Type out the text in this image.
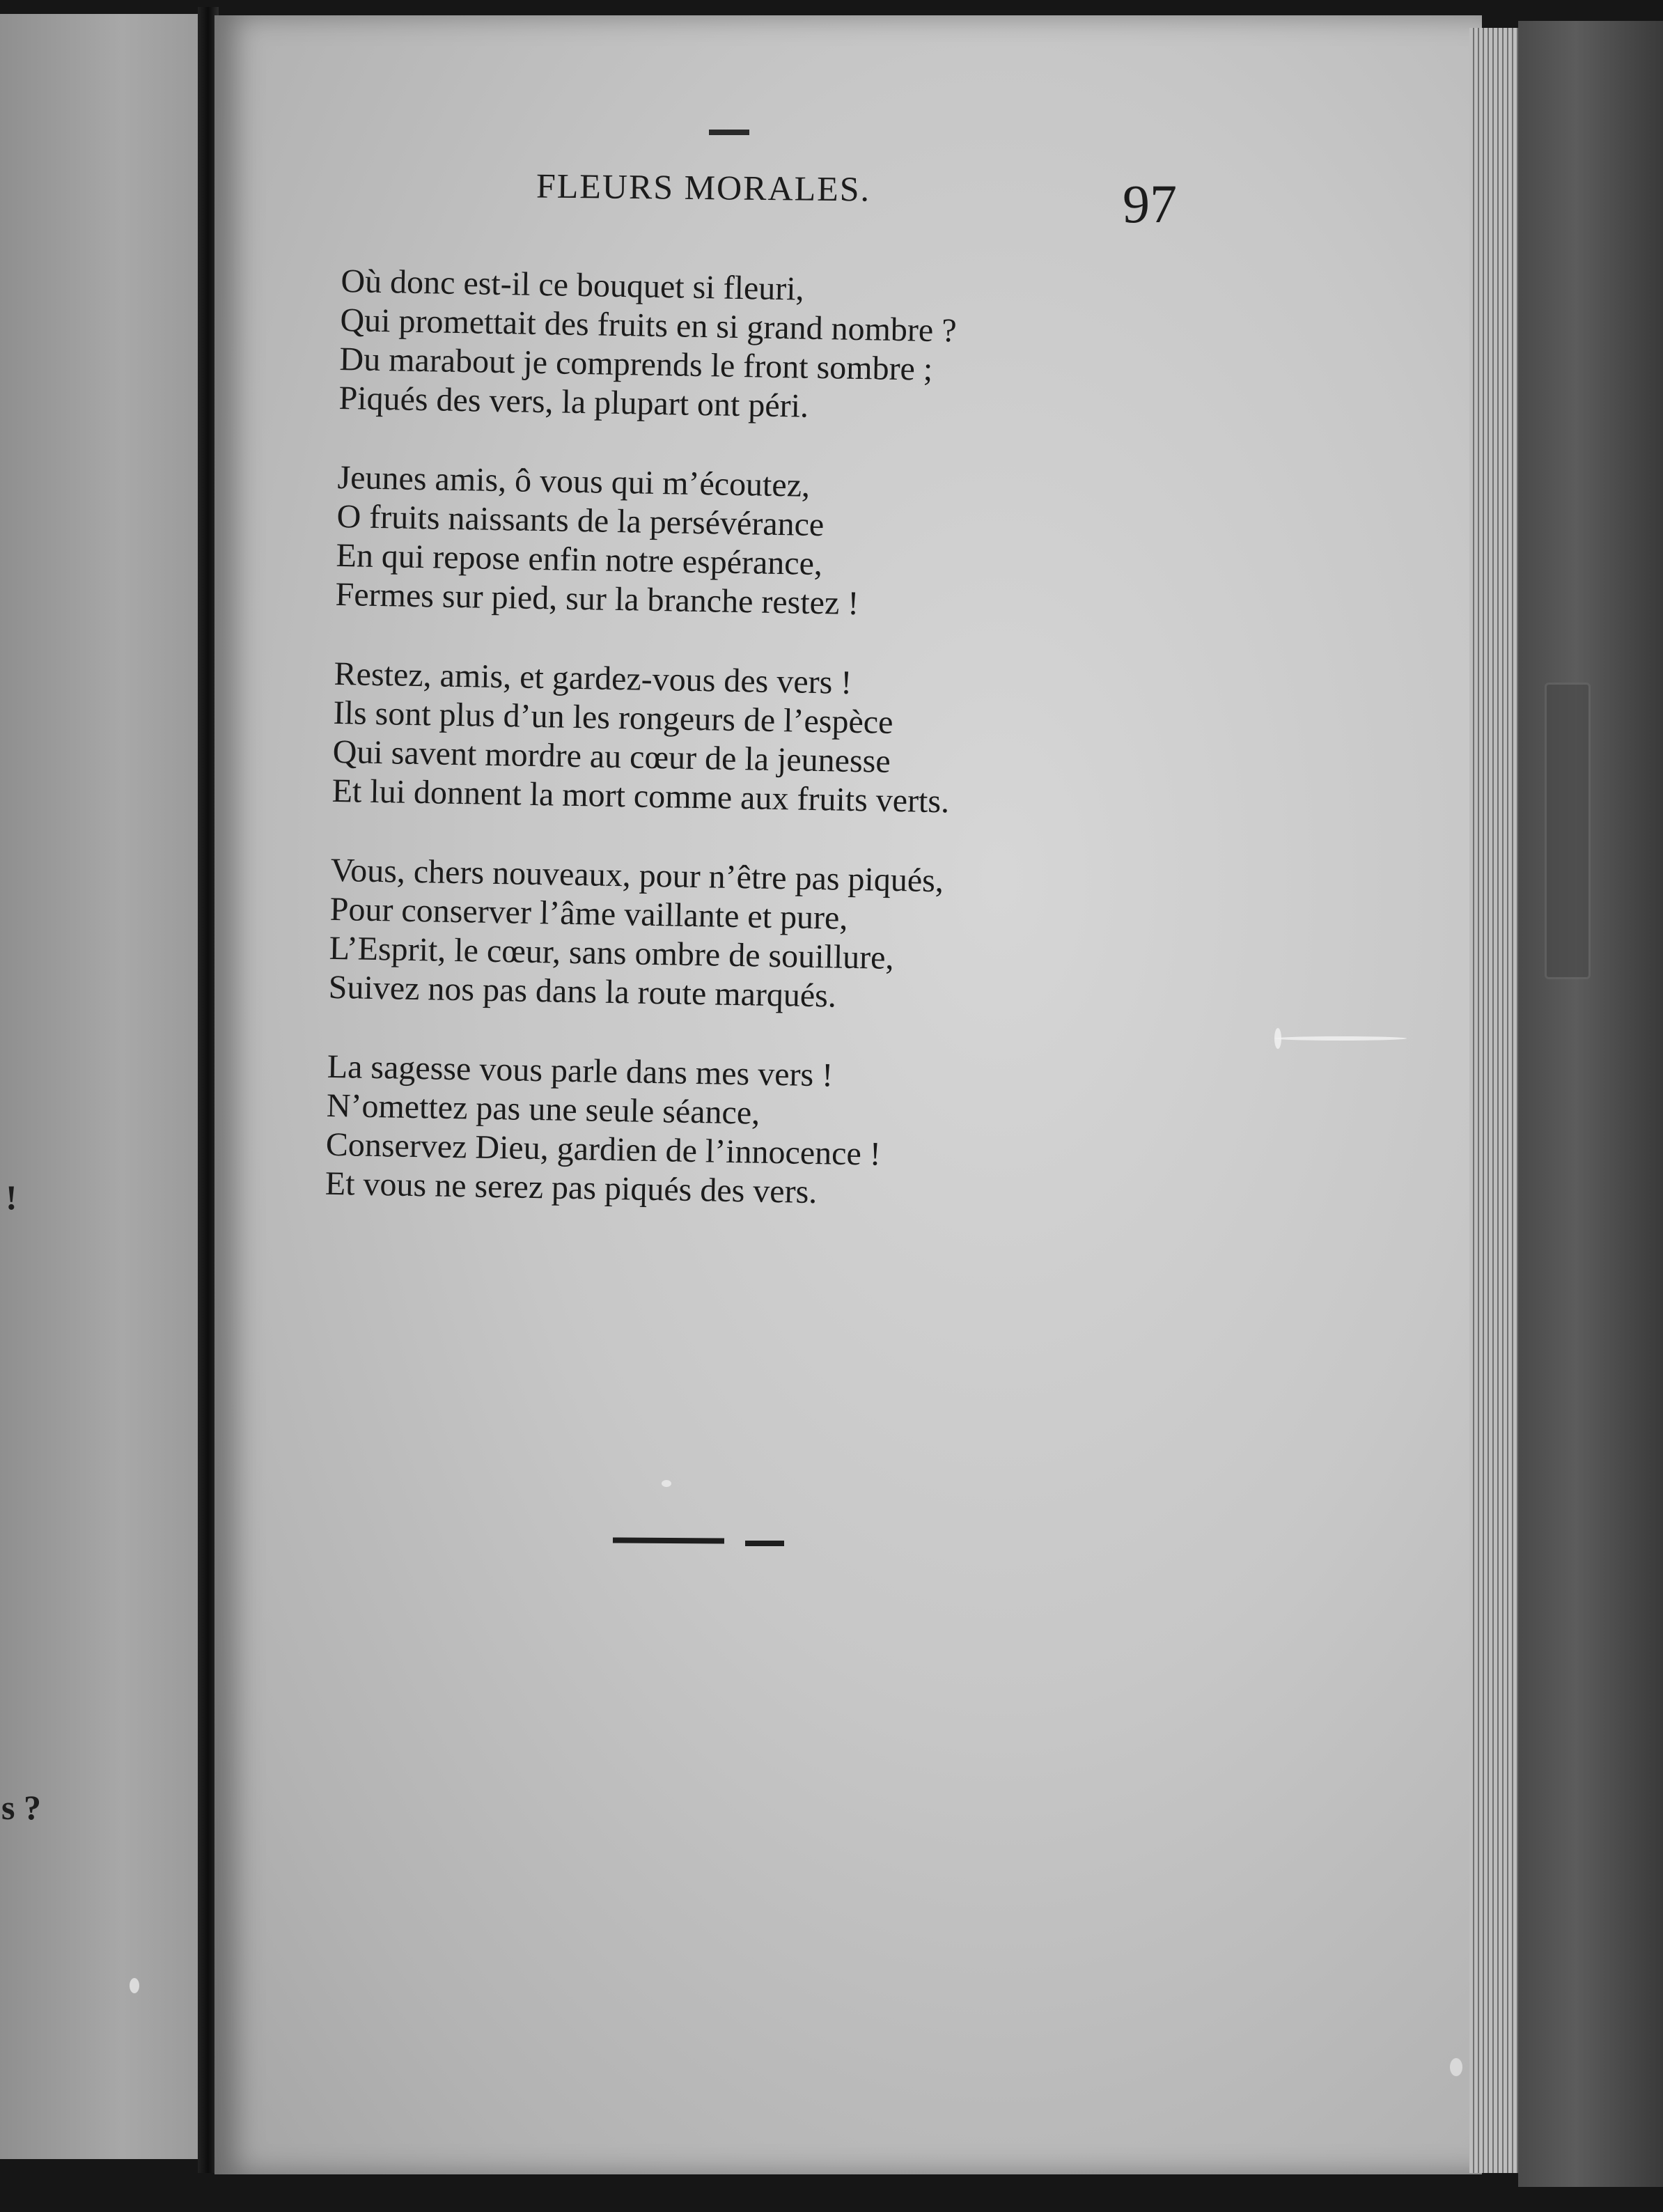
!
s ?
FLEURS MORALES.	97
Où donc est-il ce bouquet si fleuri,
Qui promettait des fruits en si grand nombre ?
Du marabout je comprends le front sombre ;
Piqués des vers, la plupart ont péri.
Jeunes amis, ô vous qui m’écoutez,
O fruits naissants de la persévérance
En qui repose enfin notre espérance,
Fermes sur pied, sur la branche restez !
Restez, amis, et gardez-vous des vers !
Ils sont plus d’un les rongeurs de l’espèce
Qui savent mordre au cœur de la jeunesse
Et lui donnent la mort comme aux fruits verts.
Vous, chers nouveaux, pour n’être pas piqués,
Pour conserver l’âme vaillante et pure,
L’Esprit, le cœur, sans ombre de souillure,
Suivez nos pas dans la route marqués.
La sagesse vous parle dans mes vers !
N’omettez pas une seule séance,
Conservez Dieu, gardien de l’innocence !
Et vous ne serez pas piqués des vers.
